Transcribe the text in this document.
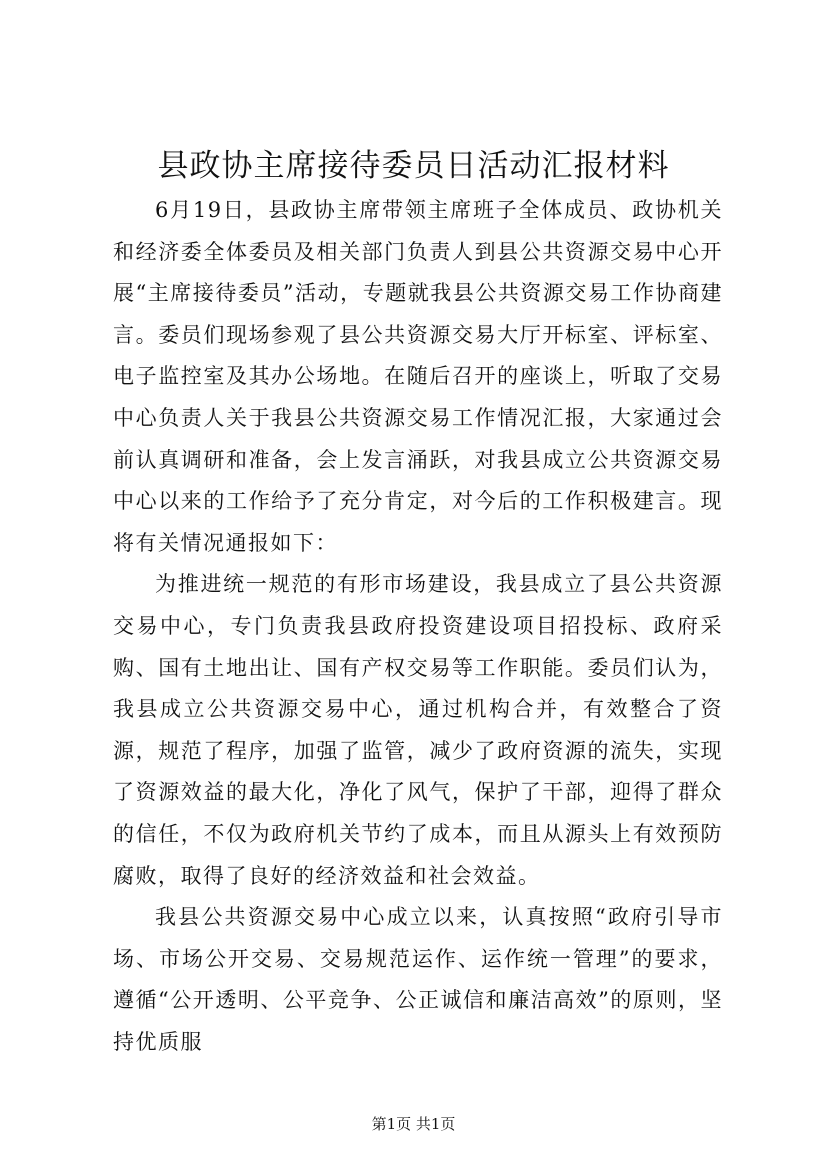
县政协主席接待委员日活动汇报材料

6月19日，县政协主席带领主席班子全体成员、政协机关和经济委全体委员及相关部门负责人到县公共资源交易中心开展“主席接待委员”活动，专题就我县公共资源交易工作协商建言。委员们现场参观了县公共资源交易大厅开标室、评标室、电子监控室及其办公场地。在随后召开的座谈上，听取了交易中心负责人关于我县公共资源交易工作情况汇报，大家通过会前认真调研和准备，会上发言涌跃，对我县成立公共资源交易中心以来的工作给予了充分肯定，对今后的工作积极建言。现将有关情况通报如下：

为推进统一规范的有形市场建设，我县成立了县公共资源交易中心，专门负责我县政府投资建设项目招投标、政府采购、国有土地出让、国有产权交易等工作职能。委员们认为，我县成立公共资源交易中心，通过机构合并，有效整合了资源，规范了程序，加强了监管，减少了政府资源的流失，实现了资源效益的最大化，净化了风气，保护了干部，迎得了群众的信任，不仅为政府机关节约了成本，而且从源头上有效预防腐败，取得了良好的经济效益和社会效益。

我县公共资源交易中心成立以来，认真按照“政府引导市场、市场公开交易、交易规范运作、运作统一管理”的要求，遵循“公开透明、公平竞争、公正诚信和廉洁高效”的原则，坚持优质服

第1页 共1页
